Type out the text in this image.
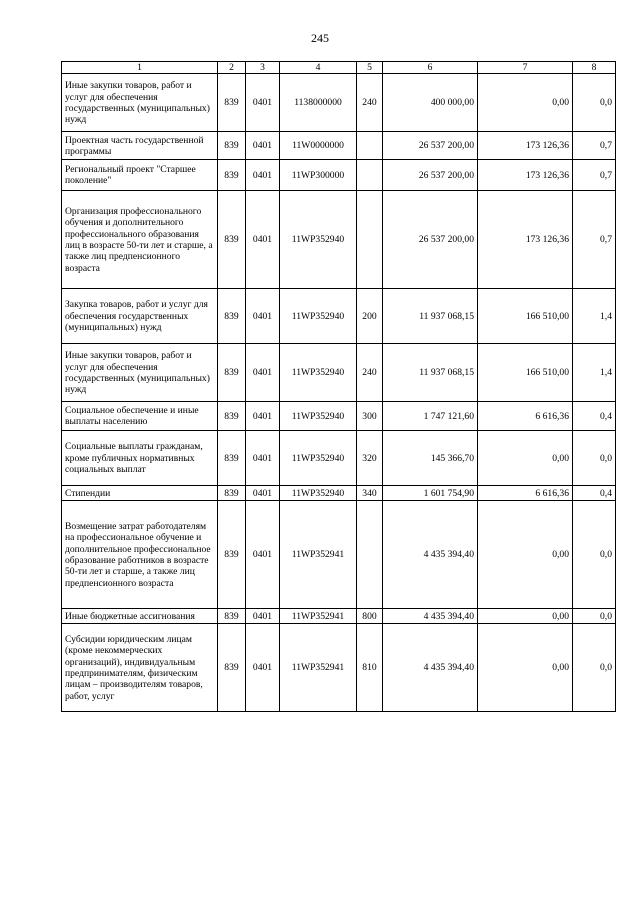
245
1	2	3	4	5	6	7	8
Иные закупки товаров, работ и услуг для обеспечения государственных (муниципальных) нужд	839	0401	1138000000	240	400 000,00	0,00	0,0
Проектная часть государственной программы	839	0401	11W0000000		26 537 200,00	173 126,36	0,7
Региональный проект "Старшее поколение"	839	0401	11WP300000		26 537 200,00	173 126,36	0,7
Организация профессионального обучения и дополнительного профессионального образования лиц в возрасте 50-ти лет и старше, а также лиц предпенсионного возраста	839	0401	11WP352940		26 537 200,00	173 126,36	0,7
Закупка товаров, работ и услуг для обеспечения государственных (муниципальных) нужд	839	0401	11WP352940	200	11 937 068,15	166 510,00	1,4
Иные закупки товаров, работ и услуг для обеспечения государственных (муниципальных) нужд	839	0401	11WP352940	240	11 937 068,15	166 510,00	1,4
Социальное обеспечение и иные выплаты населению	839	0401	11WP352940	300	1 747 121,60	6 616,36	0,4
Социальные выплаты гражданам, кроме публичных нормативных социальных выплат	839	0401	11WP352940	320	145 366,70	0,00	0,0
Стипендии	839	0401	11WP352940	340	1 601 754,90	6 616,36	0,4
Возмещение затрат работодателям на профессиональное обучение и дополнительное профессиональное образование работников в возрасте 50-ти лет и старше, а также лиц предпенсионного возраста	839	0401	11WP352941		4 435 394,40	0,00	0,0
Иные бюджетные ассигнования	839	0401	11WP352941	800	4 435 394,40	0,00	0,0
Субсидии юридическим лицам (кроме некоммерческих организаций), индивидуальным предпринимателям, физическим лицам – производителям товаров, работ, услуг	839	0401	11WP352941	810	4 435 394,40	0,00	0,0
